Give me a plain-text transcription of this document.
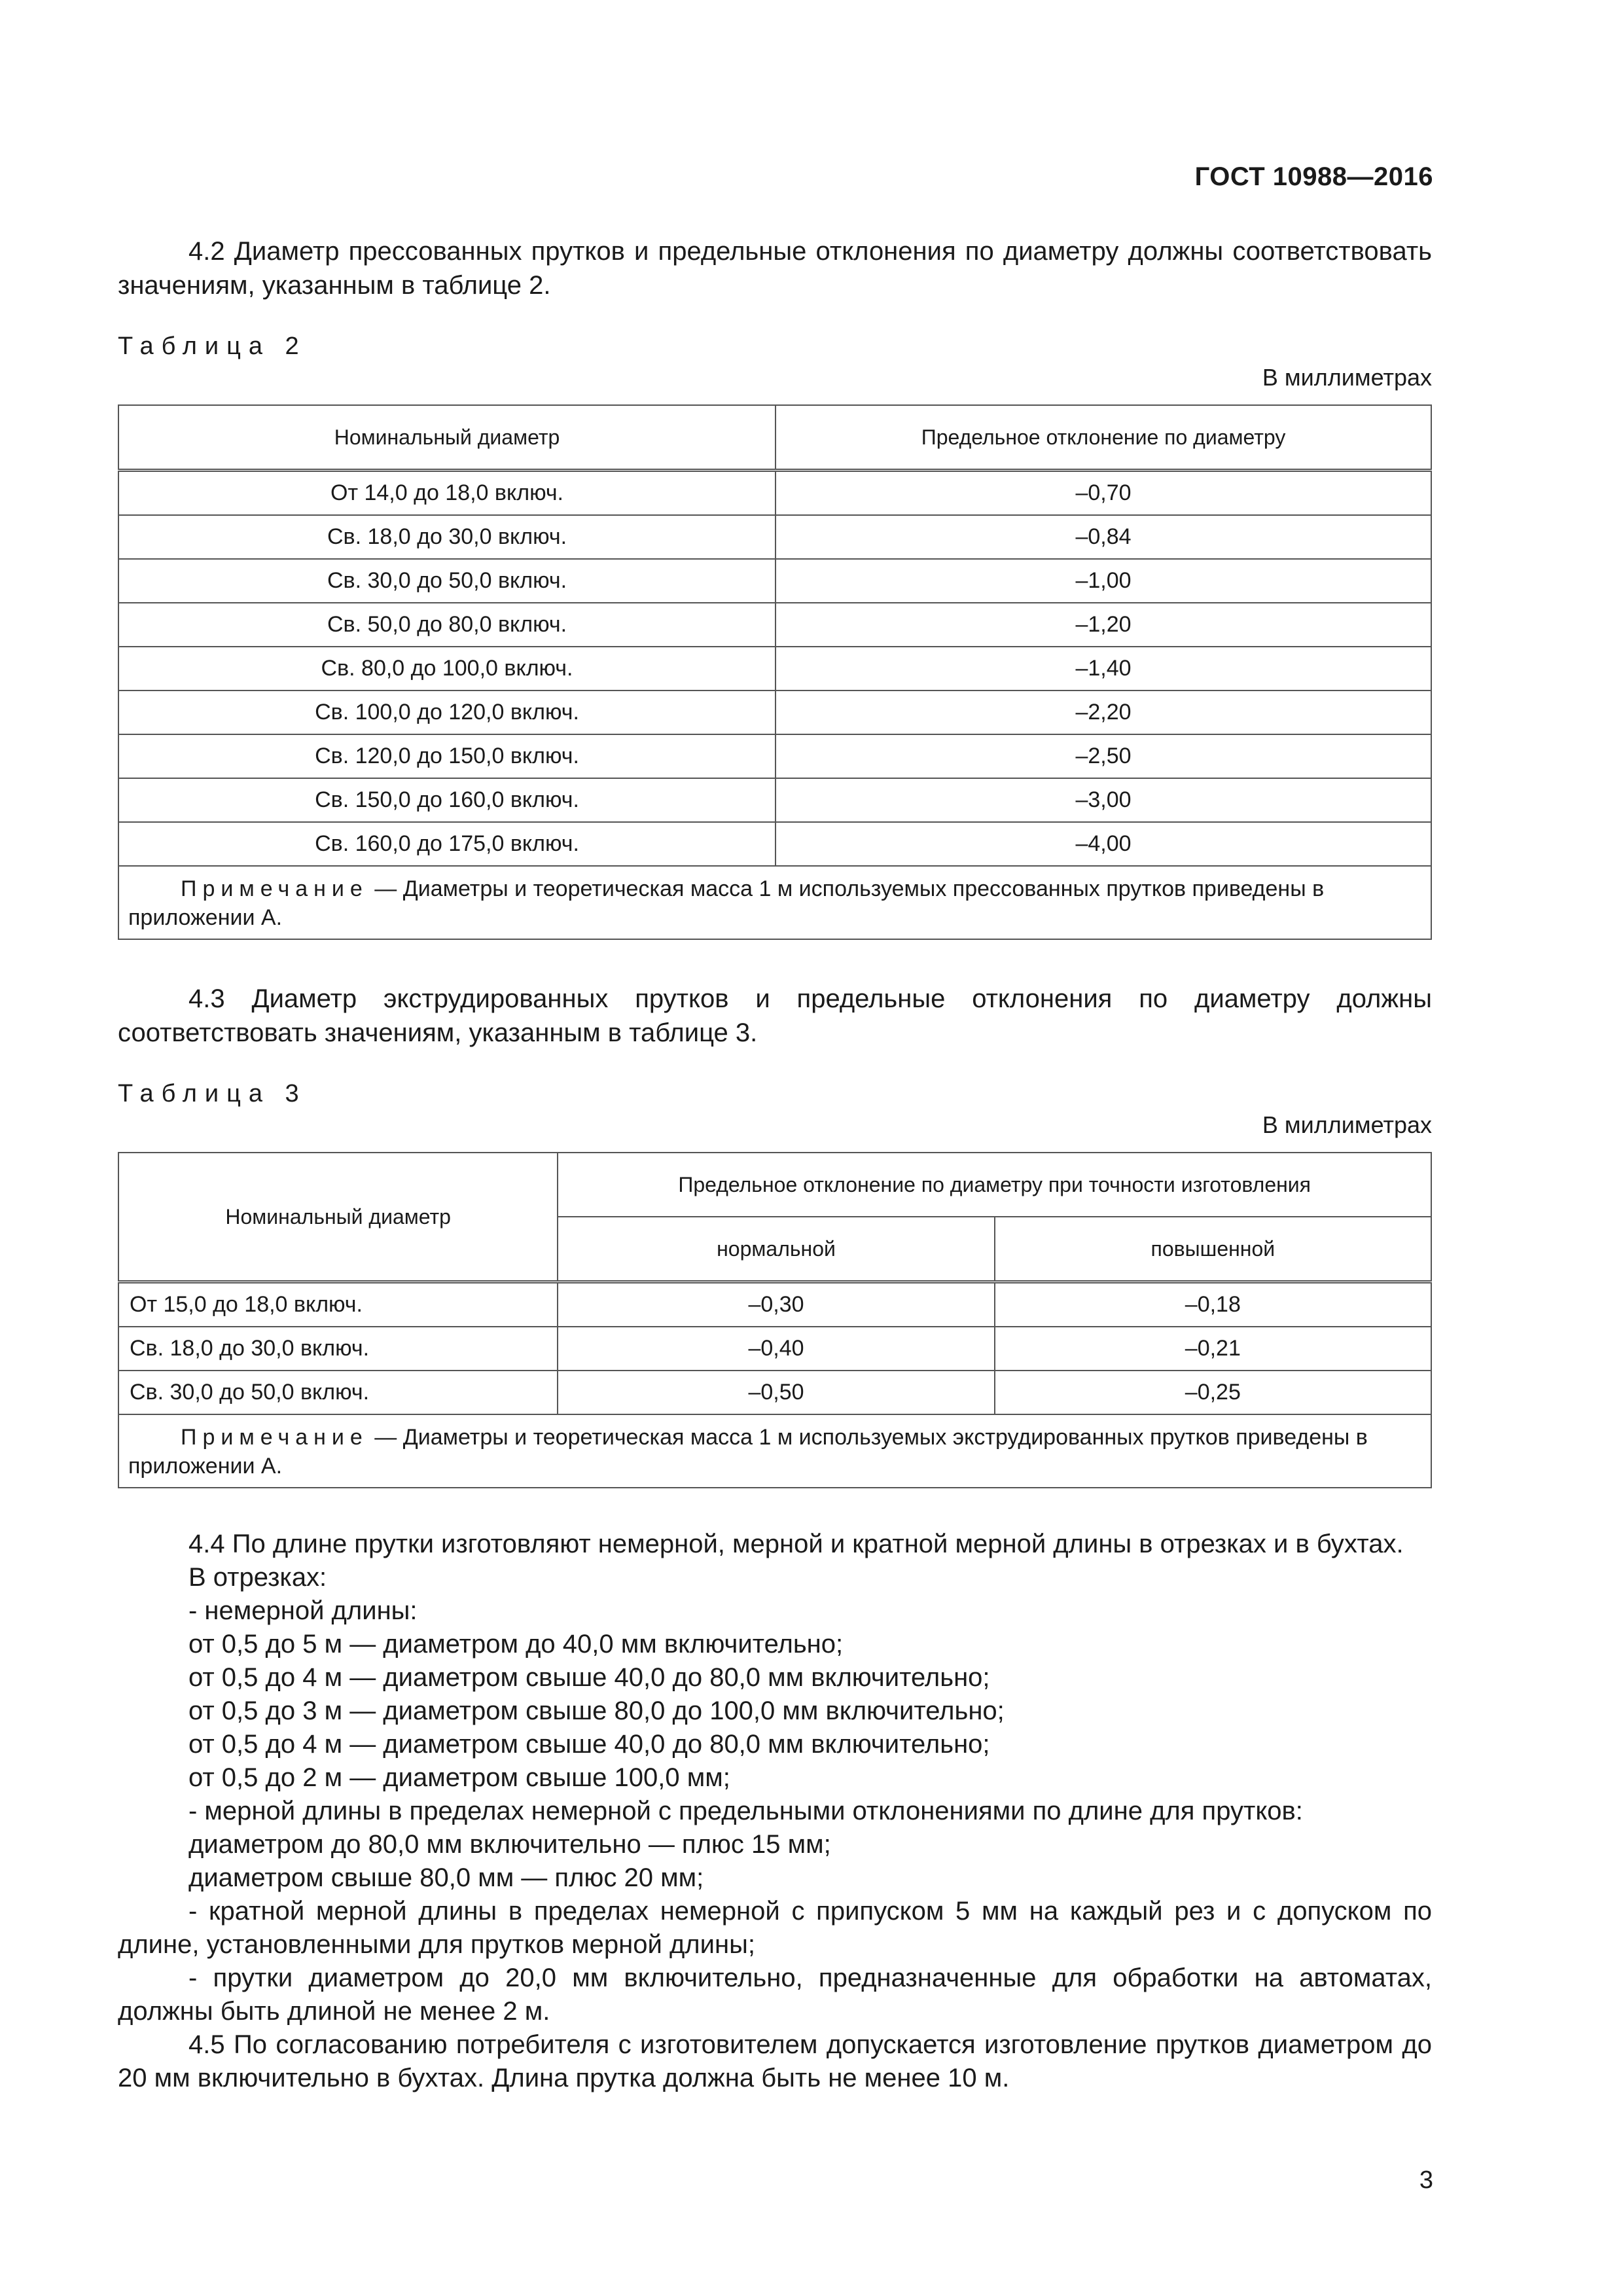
ГОСТ 10988—2016
4.2 Диаметр прессованных прутков и предельные отклонения по диаметру должны соответствовать значениям, указанным в таблице 2.
Таблица 2
В миллиметрах
Номинальный диаметр	Предельное отклонение по диаметру
От 14,0 до 18,0 включ.	–0,70
Св. 18,0 до 30,0 включ.	–0,84
Св. 30,0 до 50,0 включ.	–1,00
Св. 50,0 до 80,0 включ.	–1,20
Св. 80,0 до 100,0 включ.	–1,40
Св. 100,0 до 120,0 включ.	–2,20
Св. 120,0 до 150,0 включ.	–2,50
Св. 150,0 до 160,0 включ.	–3,00
Св. 160,0 до 175,0 включ.	–4,00
Примечание — Диаметры и теоретическая масса 1 м используемых прессованных прутков приведены в приложении А.	
4.3 Диаметр экструдированных прутков и предельные отклонения по диаметру должны соответствовать значениям, указанным в таблице 3.
Таблица 3
В миллиметрах
Номинальный диаметр	Предельное отклонение по диаметру при точности изготовления	
	нормальной	повышенной
От 15,0 до 18,0 включ.	–0,30	–0,18
Св. 18,0 до 30,0 включ.	–0,40	–0,21
Св. 30,0 до 50,0 включ.	–0,50	–0,25
Примечание — Диаметры и теоретическая масса 1 м используемых экструдированных прутков приведены в приложении А.		
4.4 По длине прутки изготовляют немерной, мерной и кратной мерной длины в отрезках и в бухтах.
В отрезках:
- немерной длины:
от 0,5 до 5 м — диаметром до 40,0 мм включительно;
от 0,5 до 4 м — диаметром свыше 40,0 до 80,0 мм включительно;
от 0,5 до 3 м — диаметром свыше 80,0 до 100,0 мм включительно;
от 0,5 до 4 м — диаметром свыше 40,0 до 80,0 мм включительно;
от 0,5 до 2 м — диаметром свыше 100,0 мм;
- мерной длины в пределах немерной с предельными отклонениями по длине для прутков:
диаметром до 80,0 мм включительно — плюс 15 мм;
диаметром свыше 80,0 мм — плюс 20 мм;
- кратной мерной длины в пределах немерной с припуском 5 мм на каждый рез и с допуском по длине, установленными для прутков мерной длины;
- прутки диаметром до 20,0 мм включительно, предназначенные для обработки на автоматах, должны быть длиной не менее 2 м.
4.5 По согласованию потребителя с изготовителем допускается изготовление прутков диаметром до 20 мм включительно в бухтах. Длина прутка должна быть не менее 10 м.
3
